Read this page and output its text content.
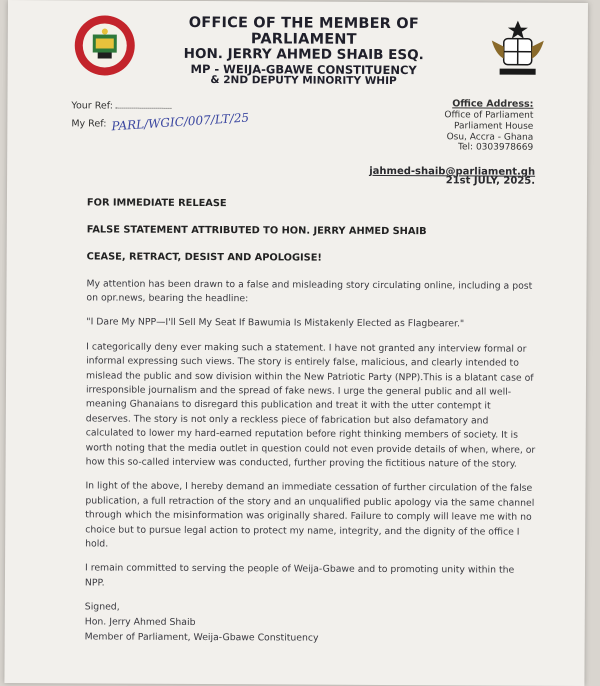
OFFICE OF THE MEMBER OF PARLIAMENT
HON. JERRY AHMED SHAIB ESQ.
MP - WEIJA-GBAWE CONSTITUENCY
& 2ND DEPUTY MINORITY WHIP
Your Ref:
My Ref: PARL/WGIC/007/LT/25
Office Address:
Office of Parliament
Parliament House
Osu, Accra - Ghana
Tel: 0303978669
jahmed-shaib@parliament.gh
21st JULY, 2025.
FOR IMMEDIATE RELEASE
FALSE STATEMENT ATTRIBUTED TO HON. JERRY AHMED SHAIB
CEASE, RETRACT, DESIST AND APOLOGISE!

My attention has been drawn to a false and misleading story circulating online, including a post on opr.news, bearing the headline:

"I Dare My NPP—I'll Sell My Seat If Bawumia Is Mistakenly Elected as Flagbearer."

I categorically deny ever making such a statement. I have not granted any interview formal or informal expressing such views. The story is entirely false, malicious, and clearly intended to mislead the public and sow division within the New Patriotic Party (NPP).This is a blatant case of irresponsible journalism and the spread of fake news. I urge the general public and all well-meaning Ghanaians to disregard this publication and treat it with the utter contempt it deserves. The story is not only a reckless piece of fabrication but also defamatory and calculated to lower my hard-earned reputation before right thinking members of society. It is worth noting that the media outlet in question could not even provide details of when, where, or how this so-called interview was conducted, further proving the fictitious nature of the story.

In light of the above, I hereby demand an immediate cessation of further circulation of the false publication, a full retraction of the story and an unqualified public apology via the same channel through which the misinformation was originally shared. Failure to comply will leave me with no choice but to pursue legal action to protect my name, integrity, and the dignity of the office I hold.

I remain committed to serving the people of Weija-Gbawe and to promoting unity within the NPP.

Signed,
Hon. Jerry Ahmed Shaib
Member of Parliament, Weija-Gbawe Constituency
